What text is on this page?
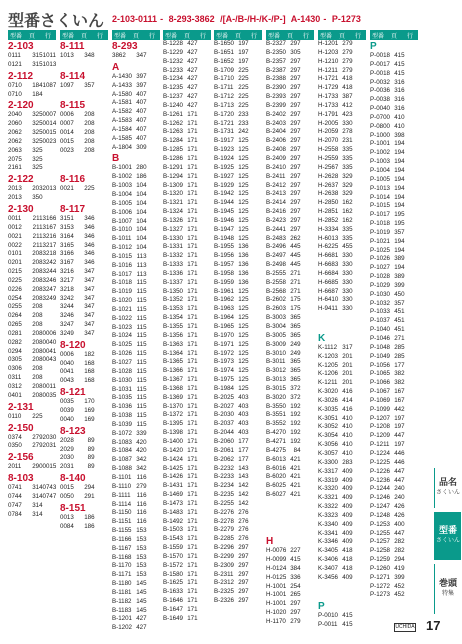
型番さくいん 2-103-0111 - 8-293-3862 /[A-/B-/H-/K-/P-] A-1430 - P-1273
型番	頁	行
2-103
0111	315 1011
0121	315 1013
2-112
0710	184 1087
0710	184
2-120
2040	325 0007
2060	325 0014
2062	325 0015
2062	325 0023
2063	325
2075	325
2161	325
2-122
2013	203 2013
2013	350
2-130
0011	211 3166
0012	211 3167
0021	211 3216
0022	211 3217
0101	208 3218
0201	208 3242
0215	208 3244
0225	208 3246
0226	208 3247
0254	208 3249
0255	208
0264	208
0265	208
0281	208 0006
0282	208 0040
0294	208 0041
0305	208 0043
0306	208
0311	208
0312	208 0011
0401	208 0035
2-131
0110	225
2-150
0374	279 2030
0350	279 2031
2-156
2011	290 0015
8-103
0741	314 0743
0744	314 0747
0747	314
0784	314
型番	頁	行
8-111
1013	348
8-114
1097	357
8-115
0006	208
0007	208
0014	208
0015	208
0023	208
8-116
0021	225
8-117
3151	346
3153	346
3164	346
3165	346
3166	346
3167	346
3216	347
3217	347
3218	347
3242	347
3244	347
3246	347
3247	347
3249	347
8-120
0006	182
0040	168
0041	168
0043	168
8-121
0035	170
0039	169
0040	169
8-123
2028	89
2029	89
2030	89
2031	89
8-140
0015	294
0050	291
8-151
0013	186
0084	186
型番	頁	行
8-293
3862	347
A
A-1430 397
A-1433 397
A-1580 407
A-1581 407
A-1582 407
A-1583 407
A-1584 407
A-1585 407
A-1804 309
B
B-1001 280
B-1002 186
B-1003 104
B-1004 104
B-1005 104
B-1006 104
B-1007 104
B-1010 104
B-1011 104
B-1012 104
B-1015 113
B-1016 113
B-1017 113
B-1018 115
B-1019 115
B-1020 115
B-1021 115
B-1022 115
B-1023 115
B-1024 115
B-1025 115
B-1026 115
B-1027 115
B-1028 115
B-1030 115
B-1031 115
B-1035 115
B-1036 115
B-1038 115
B-1039 115
B-1072 339
B-1083 420
B-1084 420
B-1087 342
B-1088 342
B-1101 116
B-1110 279
B-1111 116
B-1114 116
B-1150 116
B-1151 116
B-1155 153
B-1166 153
B-1167 153
B-1168 153
B-1170 153
B-1171 153
B-1180 145
B-1181 145
B-1182 145
B-1183 145
B-1201 427
B-1202 427
型番	頁	行
B-1228 427
B-1229 427
B-1232 427
B-1233 427
B-1234 427
B-1235 427
B-1237 427
B-1240 427
B-1261 171
B-1262 171
B-1263 171
B-1284 171
B-1285 171
B-1286 171
B-1291 171
B-1294 171
B-1309 171
B-1320 171
B-1321 171
B-1324 171
B-1326 171
B-1327 171
B-1330 171
B-1331 171
B-1332 171
B-1333 171
B-1336 171
B-1337 171
B-1350 171
B-1352 171
B-1353 171
B-1354 171
B-1355 171
B-1356 171
B-1363 171
B-1364 171
B-1365 171
B-1366 171
B-1367 171
B-1368 171
B-1369 171
B-1370 171
B-1372 171
B-1395 171
B-1398 171
B-1400 171
B-1420 171
B-1424 171
B-1425 171
B-1426 171
B-1431 171
B-1469 171
B-1473 171
B-1483 171
B-1492 171
B-1503 171
B-1543 171
B-1559 171
B-1570 171
B-1572 171
B-1580 171
B-1625 171
B-1633 171
B-1646 171
B-1647 171
B-1649 171
型番	頁	行
B-1650 197
B-1651 197
B-1652 197
B-1709 225
B-1710 225
B-1711 225
B-1712 225
B-1713 225
B-1720 233
B-1721 233
B-1731 242
B-1917 125
B-1923 125
B-1924 125
B-1925 125
B-1927 125
B-1929 125
B-1942 125
B-1944 125
B-1945 125
B-1946 125
B-1947 125
B-1948 125
B-1955 136
B-1956 136
B-1957 136
B-1958 136
B-1959 136
B-1961 125
B-1962 125
B-1963 125
B-1964 125
B-1965 125
B-1970 125
B-1971 125
B-1972 125
B-1973 125
B-1974 125
B-1975 125
B-1984 125
B-2025 403
B-2027 403
B-2030 403
B-2037 403
B-2044 403
B-2060 177
B-2061 177
B-2062 177
B-2232 143
B-2233 143
B-2234 142
B-2235 142
B-2255 142
B-2276 276
B-2278 276
B-2279 276
B-2285 276
B-2296 297
B-2299 297
B-2309 297
B-2311 297
B-2312 297
B-2325 297
B-2326 297
型番	頁	行
B-2327 297
B-2350 305
B-2357 297
B-2387 297
B-2388 297
B-2390 297
B-2393 297
B-2399 297
B-2402 297
B-2403 297
B-2404 297
B-2406 297
B-2408 297
B-2409 297
B-2410 297
B-2411 297
B-2412 297
B-2413 297
B-2414 297
B-2416 297
B-2423 297
B-2441 297
B-2483 262
B-2496 445
B-2497 445
B-2498 445
B-2555 271
B-2558 271
B-2568 271
B-2602 175
B-2603 175
B-3003 365
B-3004 365
B-3005 365
B-3009 249
B-3010 249
B-3011 365
B-3012 365
B-3013 365
B-3015 372
B-3020 372
B-3550 192
B-3551 192
B-3552 192
B-4270 192
B-4271 192
B-4275	84
B-6013 421
B-6016 421
B-6020 421
B-6025 421
B-6027 421
H
H-0076 227
H-0099 415
H-0124 384
H-0125 336
H-1001 254
H-1001 265
H-1001 297
H-1020 297
H-1170 279
型番	頁	行
H-1201 279
H-1203 279
H-1210 279
H-1211 279
H-1721 418
H-1729 418
H-1733 387
H-1733 412
H-1791 423
H-2005 330
H-2059 278
H-2070 231
H-2558 335
H-2559 335
H-2567 335
H-2628 329
H-2637 329
H-2638 329
H-2850 162
H-2851 162
H-2852 162
H-3334 335
H-6013 335
H-6225 455
H-6681 330
H-6683 330
H-6684 330
H-6685 330
H-6687 330
H-6410 330
H-9411 330
K
K-1112 317
K-1203 201
K-1205 201
K-1206 201
K-1211 201
K-3020 416
K-3026 414
K-3035 416
K-3051 410
K-3052 410
K-3054 410
K-3056 410
K-3057 410
K-3300 283
K-3317 409
K-3319 409
K-3320 409
K-3321 409
K-3322 409
K-3323 409
K-3340 409
K-3341 409
K-3346 409
K-3405 418
K-3406 418
K-3407 418
K-3456 409
P
P-0010 415
P-0011 415
型番	頁	行
P
P-0018 415
P-0017 415
P-0018 415
P-0032 316
P-0036 316
P-0038 316
P-0040 316
P-0700 410
P-0800 410
P-1000 398
P-1001 194
P-1002 194
P-1003 194
P-1004 194
P-1005 194
P-1013 194
P-1014 194
P-1015 194
P-1017 195
P-1018 195
P-1019 357
P-1021 194
P-1025 194
P-1026 389
P-1027 194
P-1028 389
P-1029 399
P-1030 450
P-1032 357
P-1033 451
P-1037 451
P-1040 451
P-1046 271
P-1048 285
P-1049 285
P-1056 177
P-1065 382
P-1066 382
P-1067 167
P-1069 167
P-1099 442
P-1207 197
P-1208 197
P-1209 447
P-1211 197
P-1224 446
P-1225 446
P-1226 447
P-1236 447
P-1244 240
P-1246 240
P-1247 426
P-1248 426
P-1253 400
P-1255 447
P-1257 282
P-1258 282
P-1259 294
P-1260 419
P-1271 399
P-1272 452
P-1273 452
品名
さくいん
型番
さくいん
巻頭
特集
UCHIDA 17
